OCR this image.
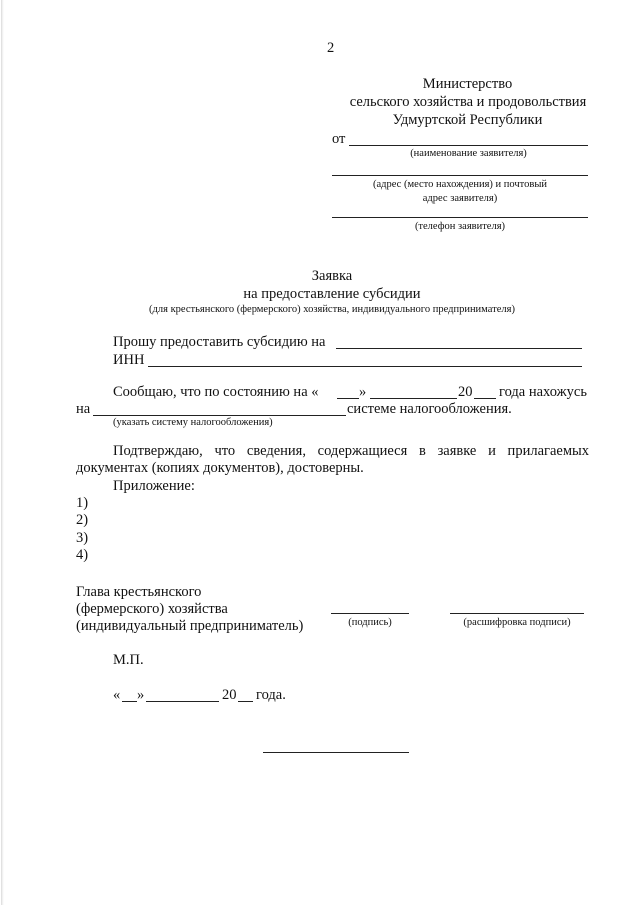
2
Министерство
сельского хозяйства и продовольствия
Удмуртской Республики
от
(наименование заявителя)
(адрес (место нахождения) и почтовый
адрес заявителя)
(телефон заявителя)
Заявка
на предоставление субсидии
(для крестьянского (фермерского) хозяйства, индивидуального предпринимателя)
Прошу предоставить субсидию на
ИНН
Сообщаю, что по состоянию на «	»	20 года нахожусь
на	системе налогообложения.
(указать систему налогообложения)
Подтверждаю, что сведения, содержащиеся в заявке и прилагаемых
документах (копиях документов), достоверны.
Приложение:
1)
2)
3)
4)
Глава крестьянского
(фермерского) хозяйства
(индивидуальный предприниматель)	(подпись)	(расшифровка подписи)
М.П.
« »	20 года.
